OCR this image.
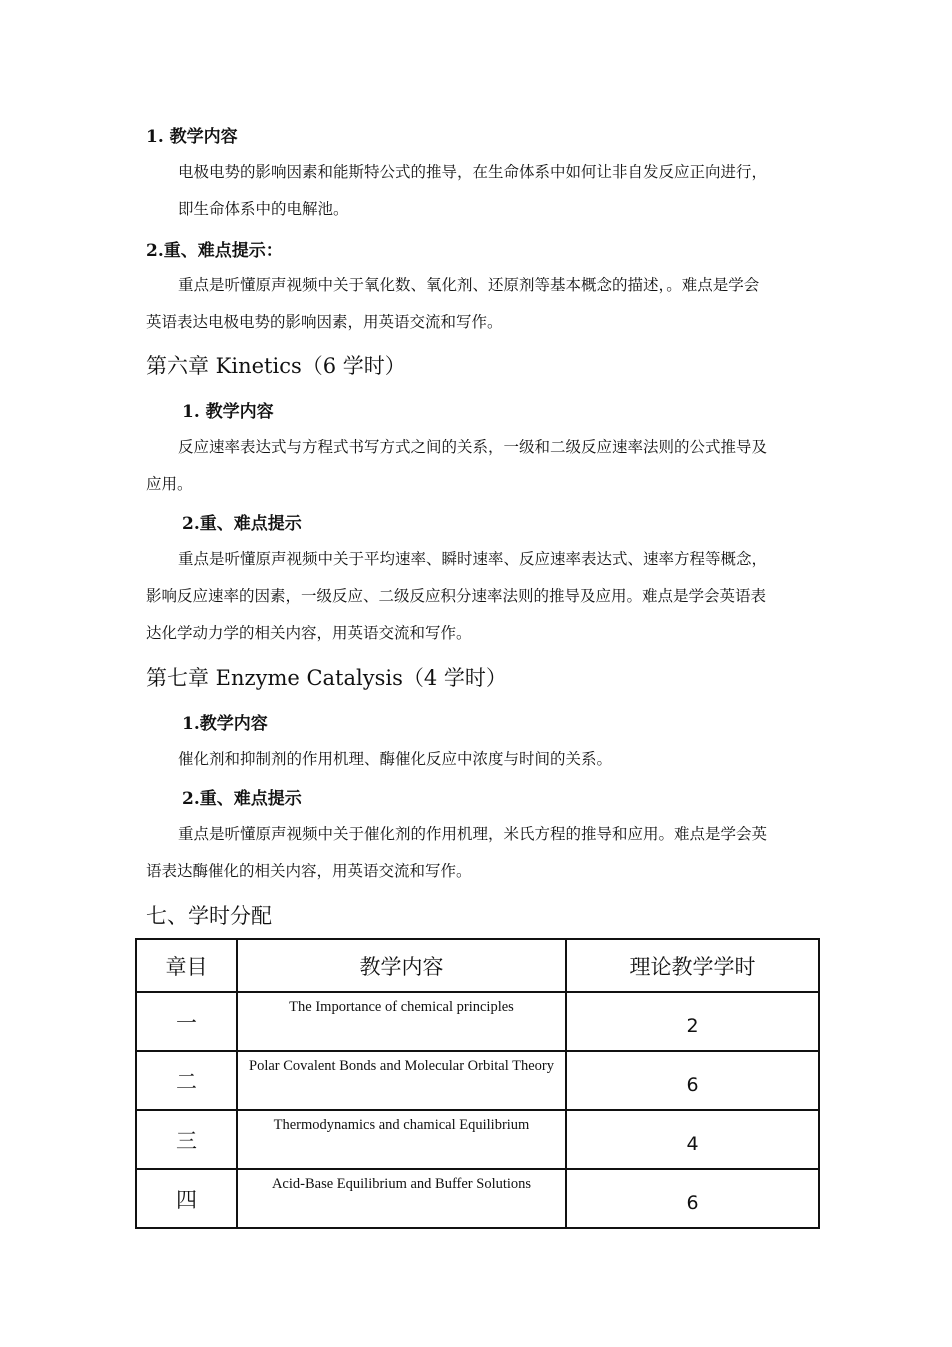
1. 教学内容
电极电势的影响因素和能斯特公式的推导，在生命体系中如何让非自发反应正向进行，
即生命体系中的电解池。
2.重、难点提示：
重点是听懂原声视频中关于氧化数、氧化剂、还原剂等基本概念的描述，。难点是学会
英语表达电极电势的影响因素，用英语交流和写作。
第六章 Kinetics（6 学时）
1. 教学内容
反应速率表达式与方程式书写方式之间的关系，一级和二级反应速率法则的公式推导及
应用。
2.重、难点提示
重点是听懂原声视频中关于平均速率、瞬时速率、反应速率表达式、速率方程等概念，
影响反应速率的因素，一级反应、二级反应积分速率法则的推导及应用。难点是学会英语表
达化学动力学的相关内容，用英语交流和写作。
第七章 Enzyme Catalysis（4 学时）
1.教学内容
催化剂和抑制剂的作用机理、酶催化反应中浓度与时间的关系。
2.重、难点提示
重点是听懂原声视频中关于催化剂的作用机理，米氏方程的推导和应用。难点是学会英
语表达酶催化的相关内容，用英语交流和写作。
七、学时分配
章目	教学内容	理论教学学时
一	The Importance of chemical principles	2
二	Polar Covalent Bonds and Molecular Orbital Theory	6
三	Thermodynamics and chamical Equilibrium	4
四	Acid-Base Equilibrium and Buffer Solutions	6
